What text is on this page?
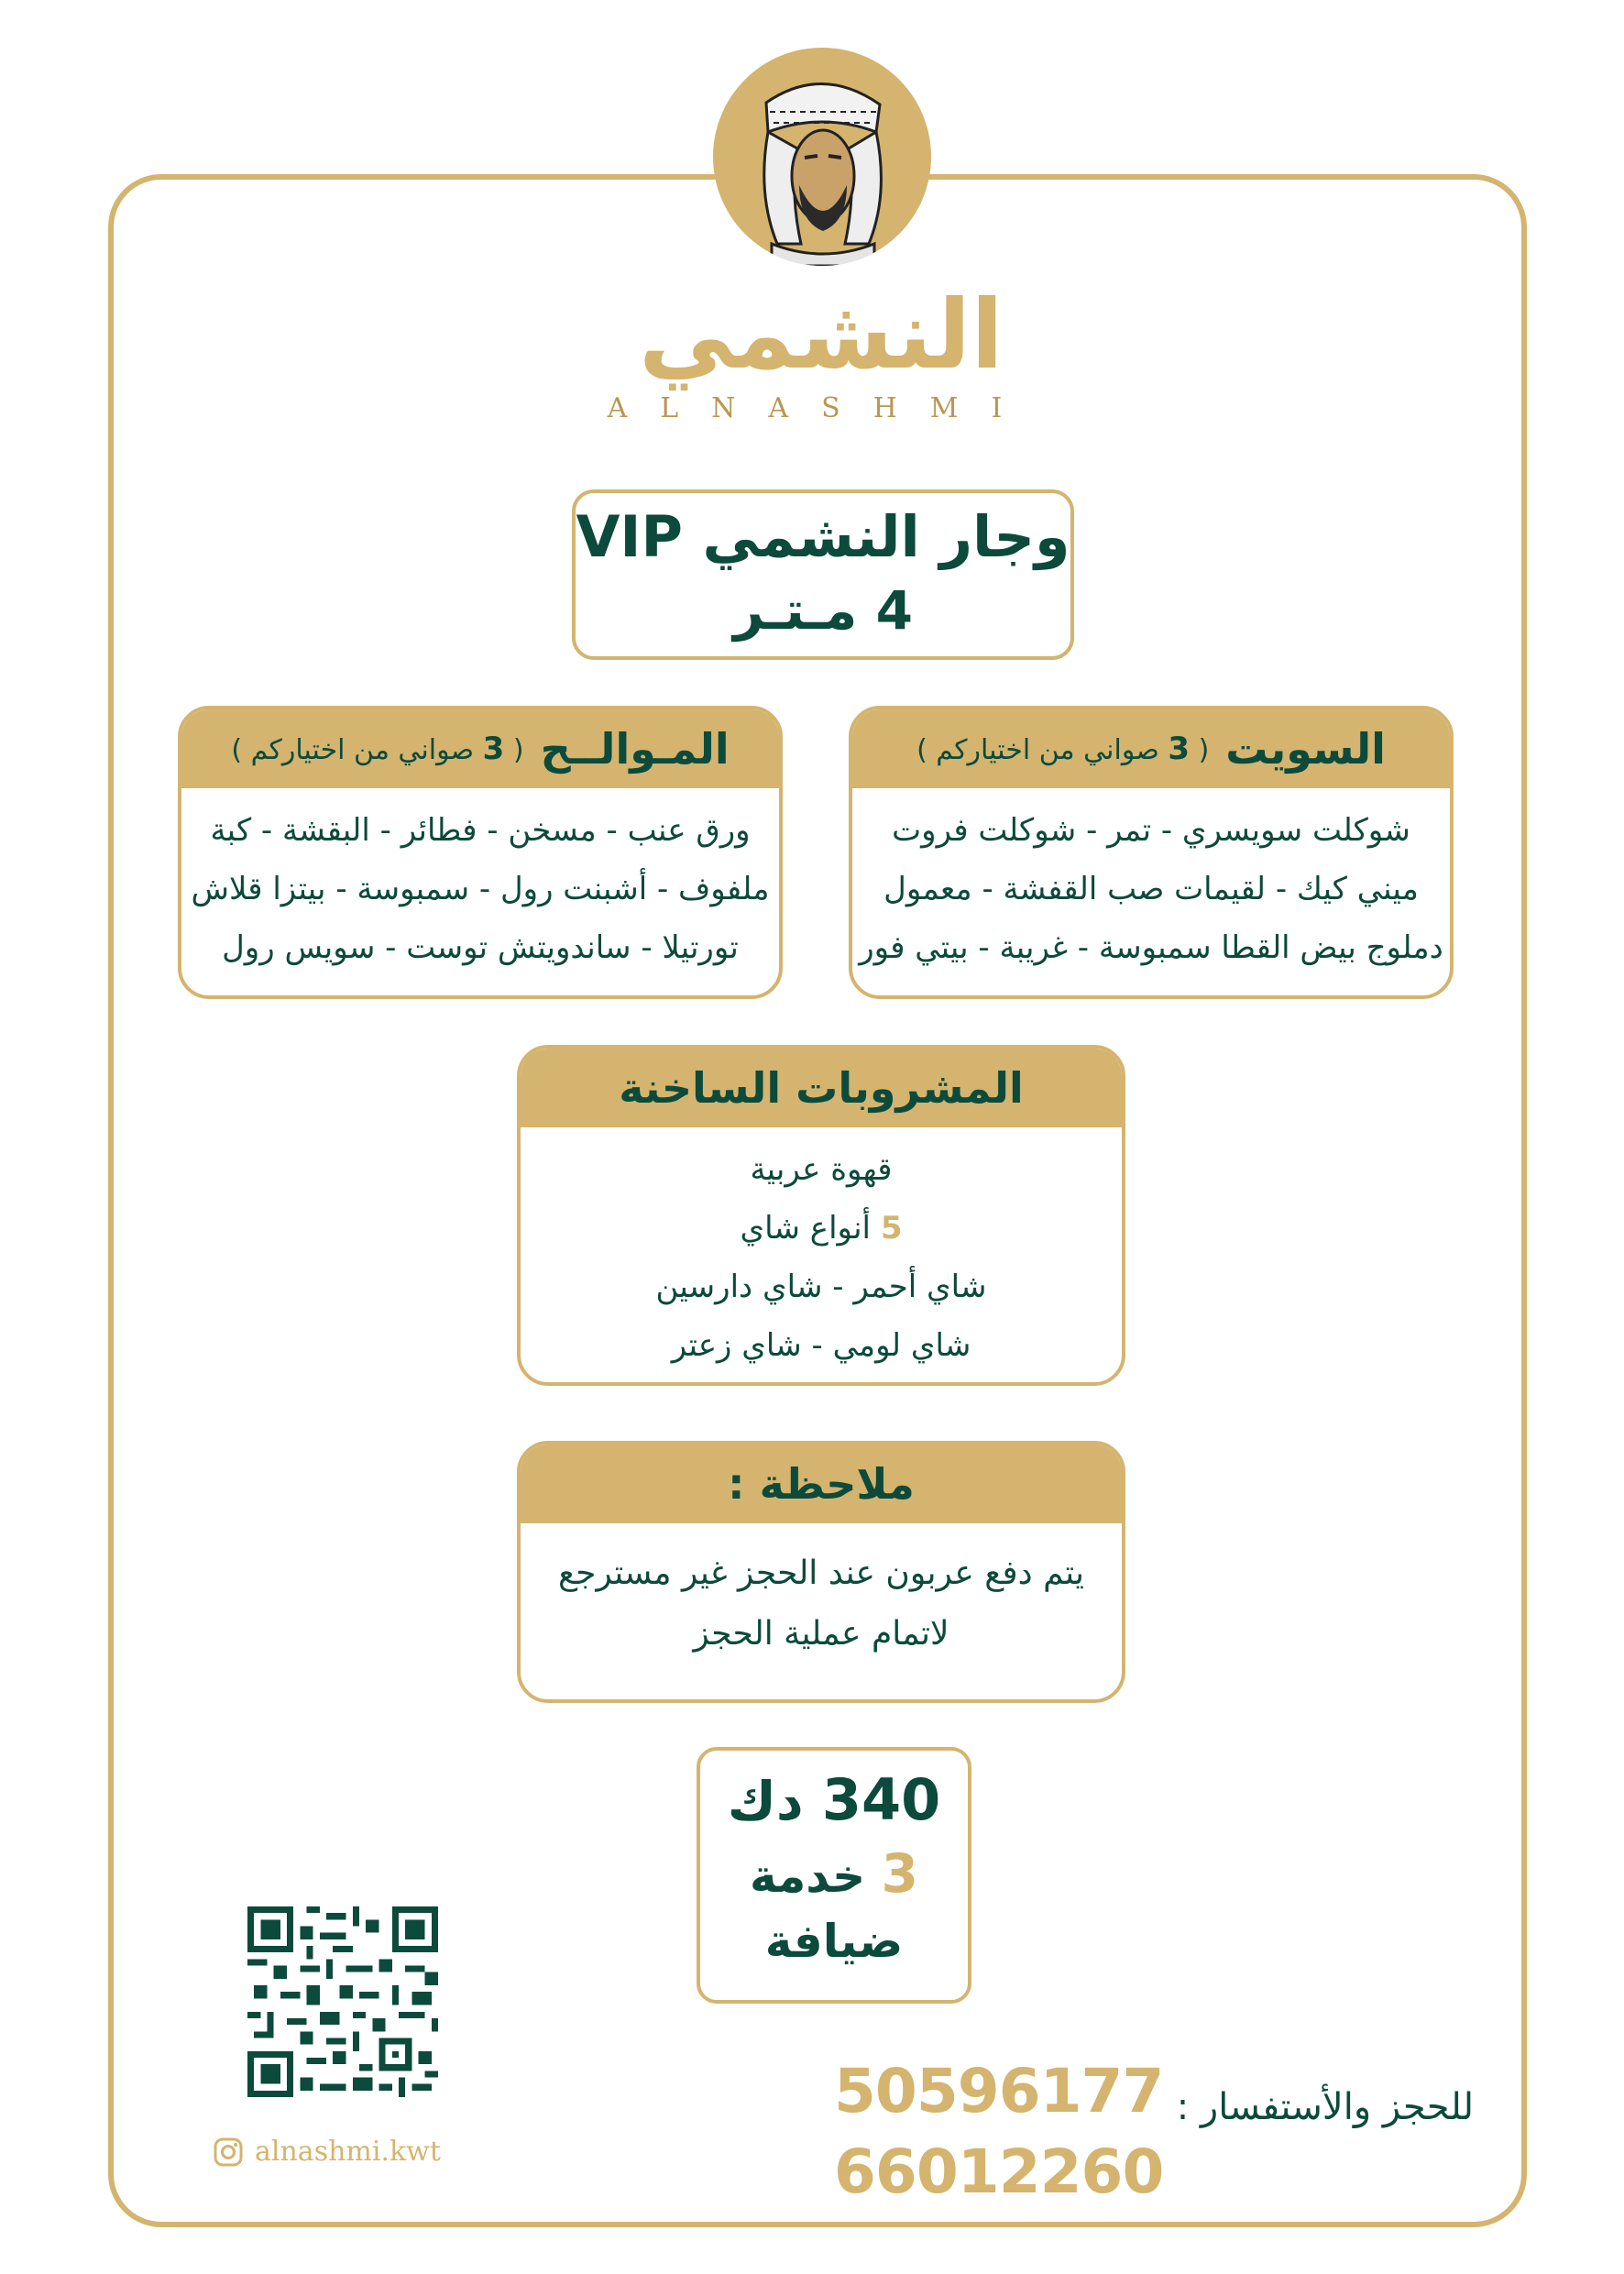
النشمي
ALNASHMI
وجار النشمي VIP
4 مـتـر
السويت
( 3 صواني من اختياركم )
شوكلت سويسري - تمر - شوكلت فروت
ميني كيك - لقيمات صب القفشة - معمول
دملوج بيض القطا سمبوسة - غريبة - بيتي فور
المـوالــح
( 3 صواني من اختياركم )
ورق عنب - مسخن - فطائر - البقشة - كبة
ملفوف - أشبنت رول - سمبوسة - بيتزا قلاش
تورتيلا - ساندويتش توست - سويس رول
المشروبات الساخنة
قهوة عربية
5 أنواع شاي
شاي أحمر - شاي دارسين
شاي لومي - شاي زعتر
ملاحظة :
يتم دفع عربون عند الحجز غير مسترجع
لاتمام عملية الحجز
340 دك
3 خدمة
ضيافة
alnashmi.kwt
50596177
66012260
للحجز والأستفسار :
